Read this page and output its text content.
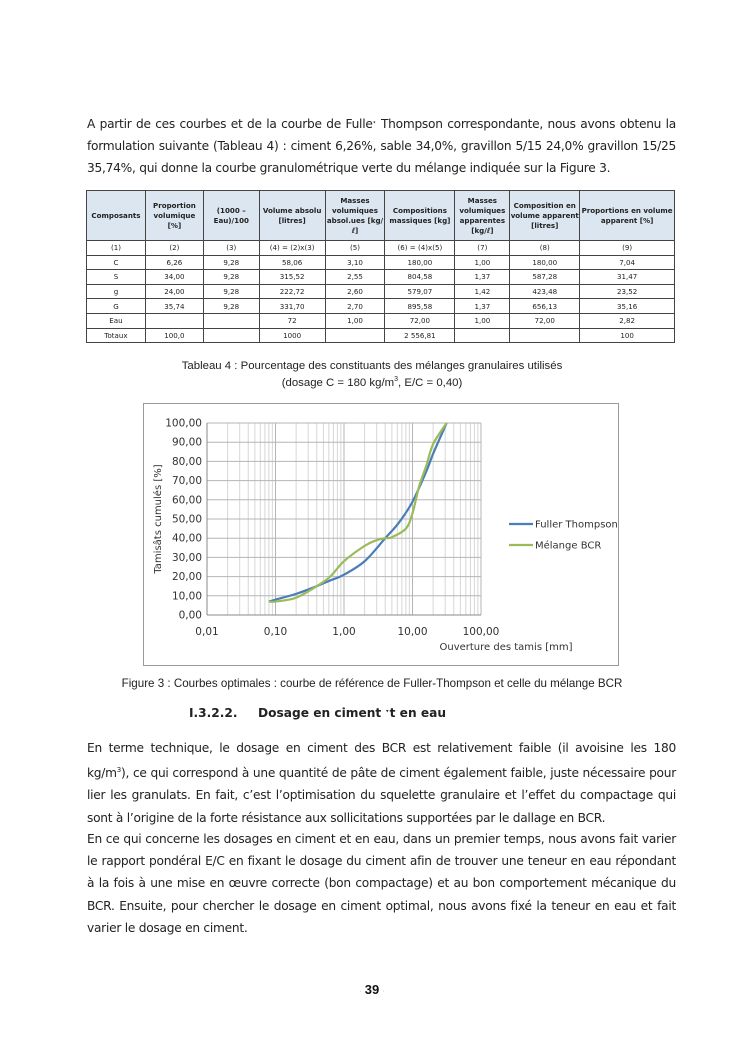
A partir de ces courbes et de la courbe de Fulleˑ Thompson correspondante, nous avons obtenu la formulation suivante (Tableau 4) : ciment 6,26%, sable 34,0%, gravillon 5/15 24,0% gravillon 15/25 35,74%, qui donne la courbe granulométrique verte du mélange indiquée sur la Figure 3.

Composants	Proportion volumique [%]	(1000 – Eau)/100	Volume absolu [litres]	Masses volumiques absol.ues [kg/ℓ]	Compositions massiques [kg]	Masses volumiques apparentes [kg/ℓ]	Composition en volume apparent [litres]	Proportions en volume apparent [%]
(1)	(2)	(3)	(4) = (2)x(3)	(5)	(6) = (4)x(5)	(7)	(8)	(9)
C	6,26	9,28	58,06	3,10	180,00	1,00	180,00	7,04
S	34,00	9,28	315,52	2,55	804,58	1,37	587,28	31,47
g	24,00	9,28	222,72	2,60	579,07	1,42	423,48	23,52
G	35,74	9,28	331,70	2,70	895,58	1,37	656,13	35,16
Eau			72	1,00	72,00	1,00	72,00	2,82
Totaux	100,0		1000		2 556,81			100
Tableau 4 : Pourcentage des constituants des mélanges granulaires utilisés
(dosage C = 180 $kg/m^3$, E/C = 0,40)
0,00
10,00
20,00
30,00
40,00
50,00
60,00
70,00
80,00
90,00
100,00
0,01	0,10	1,00	10,00	100,00
Ouverture des tamis [mm]
Tamisâts cumulés [%]	Fuller Thompson
Mélange BCR
Figure 3 : Courbes optimales : courbe de référence de Fuller-Thompson et celle du mélange BCR
I.3.2.2. Dosage en ciment ˑt en eau

En terme technique, le dosage en ciment des BCR est relativement faible (il avoisine les 180 $kg/m^3$), ce qui correspond à une quantité de pâte de ciment également faible, juste nécessaire pour lier les granulats. En fait, c’est l’optimisation du squelette granulaire et l’effet du compactage qui sont à l’origine de la forte résistance aux sollicitations supportées par le dallage en BCR.

En ce qui concerne les dosages en ciment et en eau, dans un premier temps, nous avons fait varier le rapport pondéral E/C en fixant le dosage du ciment afin de trouver une teneur en eau répondant à la fois à une mise en œuvre correcte (bon compactage) et au bon comportement mécanique du BCR. Ensuite, pour chercher le dosage en ciment optimal, nous avons fixé la teneur en eau et fait varier le dosage en ciment.

. 39 .
